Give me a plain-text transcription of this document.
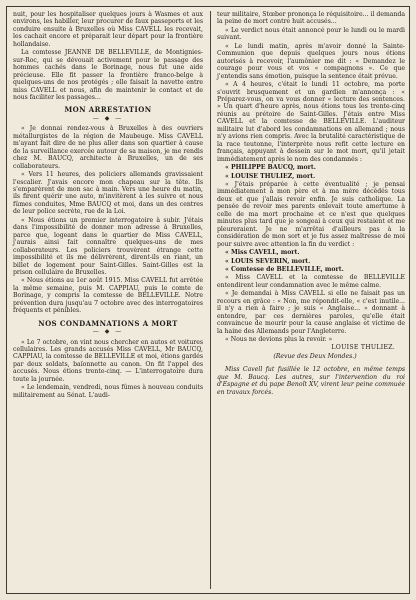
nuit, pour les hospitaliser quelques jours à Wasmes et aux environs, les habiller, leur procurer de faux passeports et les conduire ensuite à Bruxelles où Miss CAVELL les recevait, les cachait encore et préparait leur départ pour la frontière hollandaise.

La comtesse JEANNE DE BELLEVILLE, de Montignies-sur-Roc, qui se dévouait activement pour le passage des hommes cachés dans le Borinage, nous fut une aide précieuse. Elle fit passer la frontière franco-belge à quelques-uns de nos protégés ; elle faisait la navette entre miss CAVELL et nous, afin de maintenir le contact et de nous faciliter les passages...

MON ARRESTATION
— ◆ —

« Je donnai rendez-vous à Bruxelles à des ouvriers métallurgistes de la région de Maubeuge. Miss CAVELL m'ayant fait dire de ne plus aller dans son quartier à cause de la surveillance exercée autour de sa maison, je me rendis chez M. BAUCQ, architecte à Bruxelles, un de ses collaborateurs.

« Vers 11 heures, des policiers allemands gravissaient l'escalier. J'avais encore mon chapeau sur la tête. Ils s'emparèrent de mon sac à main. Vers une heure du matin, ils firent quérir une auto, m'invitèrent à les suivre et nous fûmes conduites, Mme BAUCQ et moi, dans un des centres de leur police secrète, rue de la Loi.

« Nous étions un premier interrogatoire à subir. J'étais dans l'impossibilité de donner mon adresse à Bruxelles, parce que, logeant dans le quartier de Miss CAVELL, j'aurais ainsi fait connaître quelques-uns de mes collaborateurs. Les policiers trouvèrent étrange cette impossibilité et ils me délivrèrent, dirent-ils en riant, un billet de logement pour Saint-Gilles. Saint-Gilles est la prison cellulaire de Bruxelles.

« Nous étions au 1er août 1915. Miss CAVELL fut arrêtée la même semaine, puis M. CAPPIAU, puis le comte de Borinage, y compris la comtesse de BELLEVILLE. Notre prévention dura jusqu'au 7 octobre avec des interrogatoires fréquents et pénibles.

NOS CONDAMNATIONS A MORT
— ◆ —

« Le 7 octobre, on vint nous chercher en autos et voitures cellulaires. Les grands accusés Miss CAVELL, Mr BAUCQ, CAPPIAU, la comtesse de BELLEVILLE et moi, étions gardés par deux soldats, baïonnette au canon. On fit l'appel des accusés. Nous étions trente-cinq. — L'interrogatoire dura toute la journée.

« Le lendemain, vendredi, nous fûmes à nouveau conduits militairement au Sénat. L'audi-

teur militaire, Stœber prononça le réquisitoire... il demanda la peine de mort contre huit accusés...

« Le verdict nous était annoncé pour le lundi ou le mardi suivant.

« Le lundi matin, après m'avoir donné la Sainte-Communion que depuis quelques jours nous étions autorisés à recevoir, l'aumônier me dit : « Demandez le courage pour vous et vos « compagnons ». Ce que j'entendis sans émotion, puisque la sentence était prévue.

« A 4 heures, c'était le lundi 11 octobre, ma porte s'ouvrit brusquement et un gardien m'annonça : « Préparez-vous, on va vous donner « lecture des sentences. » Un quart d'heure après, nous étions tous les trente-cinq réunis au prétoire de Saint-Gilles. J'étais entre Miss CAVELL et la comtesse de BELLEVILLE. L'auditeur militaire lut d'abord les condamnations en allemand ; nous n'y avions rien compris. Avec la brutalité caractéristique de la race teutonne, l'interprète nous refit cette lecture en français, appuyant à dessein sur le mot mort, qu'il jetait immédiatement après le nom des condamnés :

« PHILIPPE BAUCQ, mort.

« LOUISE THULIEZ, mort.

« J'étais préparée à cette éventualité ; je pensai immédiatement à mon père et à ma mère décédés tous deux et que j'allais revoir enfin. Je suis catholique. La pensée de revoir mes parents enlevait toute amertume à celle de ma mort prochaine et ce n'est que quelques minutes plus tard que je songeai à ceux qui restaient et me pleureraient. Je ne m'arrêtai d'ailleurs pas à la considération de mon sort et je fus assez maîtresse de moi pour suivre avec attention la fin du verdict :

« Miss CAVELL, mort.

« LOUIS SEVERIN, mort.

« Comtesse de BELLEVILLE, mort.

« Miss CAVELL et la comtesse de BELLEVILLE entendirent leur condamnation avec le même calme.

« Je demandai à Miss CAVELL si elle ne faisait pas un recours en grâce : « Non, me répondit-elle, « c'est inutile... il n'y a rien à faire ; je suis « Anglaise... » donnant à entendre, par ces dernières paroles, qu'elle était convaincue de mourir pour la cause anglaise et victime de la haine des Allemands pour l'Angleterre.

« Nous ne devions plus la revoir. »

LOUISE THULIEZ.

(Revue des Deux Mondes.)

Miss Cavell fut fusillée le 12 octobre, en même temps que M. Baucq. Les autres, sur l'intervention du roi d'Espagne et du pape Benoît XV, virent leur peine commuée en travaux forcés.
